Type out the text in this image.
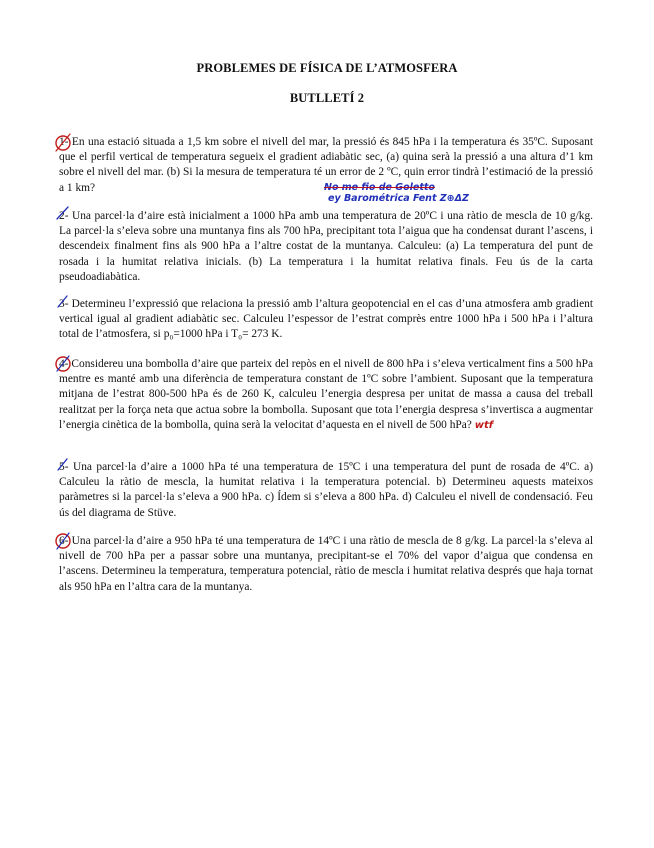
PROBLEMES DE FÍSICA DE L’ATMOSFERA
BUTLLETÍ 2

1- En una estació situada a 1,5 km sobre el nivell del mar, la pressió és 845 hPa i la temperatura és 35ºC. Suposant que el perfil vertical de temperatura segueix el gradient adiabàtic sec, (a) quina serà la pressió a una altura d’1 km sobre el nivell del mar. (b) Si la mesura de temperatura té un error de 2 ºC, quin error tindrà l’estimació de la pressió a 1 km?	No me fio de Goletto
ey Barométrica Fent Z⊕ΔZ

2- Una parcel·la d’aire està inicialment a 1000 hPa amb una temperatura de 20ºC i una ràtio de mescla de 10 g/kg. La parcel·la s’eleva sobre una muntanya fins als 700 hPa, precipitant tota l’aigua que ha condensat durant l’ascens, i descendeix finalment fins als 900 hPa a l’altre costat de la muntanya. Calculeu: (a) La temperatura del punt de rosada i la humitat relativa inicials. (b) La temperatura i la humitat relativa finals. Feu ús de la carta pseudoadiabàtica.

3- Determineu l’expressió que relaciona la pressió amb l’altura geopotencial en el cas d’una atmosfera amb gradient vertical igual al gradient adiabàtic sec. Calculeu l’espessor de l’estrat comprès entre 1000 hPa i 500 hPa i l’altura total de l’atmosfera, si p₀=1000 hPa i T₀= 273 K.

4- Considereu una bombolla d’aire que parteix del repòs en el nivell de 800 hPa i s’eleva verticalment fins a 500 hPa mentre es manté amb una diferència de temperatura constant de 1ºC sobre l’ambient. Suposant que la temperatura mitjana de l’estrat 800-500 hPa és de 260 K, calculeu l’energia despresa per unitat de massa a causa del treball realitzat per la força neta que actua sobre la bombolla. Suposant que tota l’energia despresa s’invertisca a augmentar l’energia cinètica de la bombolla, quina serà la velocitat d’aquesta en el nivell de 500 hPa? wtf

5- Una parcel·la d’aire a 1000 hPa té una temperatura de 15ºC i una temperatura del punt de rosada de 4ºC. a) Calculeu la ràtio de mescla, la humitat relativa i la temperatura potencial. b) Determineu aquests mateixos paràmetres si la parcel·la s’eleva a 900 hPa. c) Ídem si s’eleva a 800 hPa. d) Calculeu el nivell de condensació. Feu ús del diagrama de Stüve.

6- Una parcel·la d’aire a 950 hPa té una temperatura de 14ºC i una ràtio de mescla de 8 g/kg. La parcel·la s’eleva al nivell de 700 hPa per a passar sobre una muntanya, precipitant-se el 70% del vapor d’aigua que condensa en l’ascens. Determineu la temperatura, temperatura potencial, ràtio de mescla i humitat relativa després que haja tornat als 950 hPa en l’altra cara de la muntanya.
